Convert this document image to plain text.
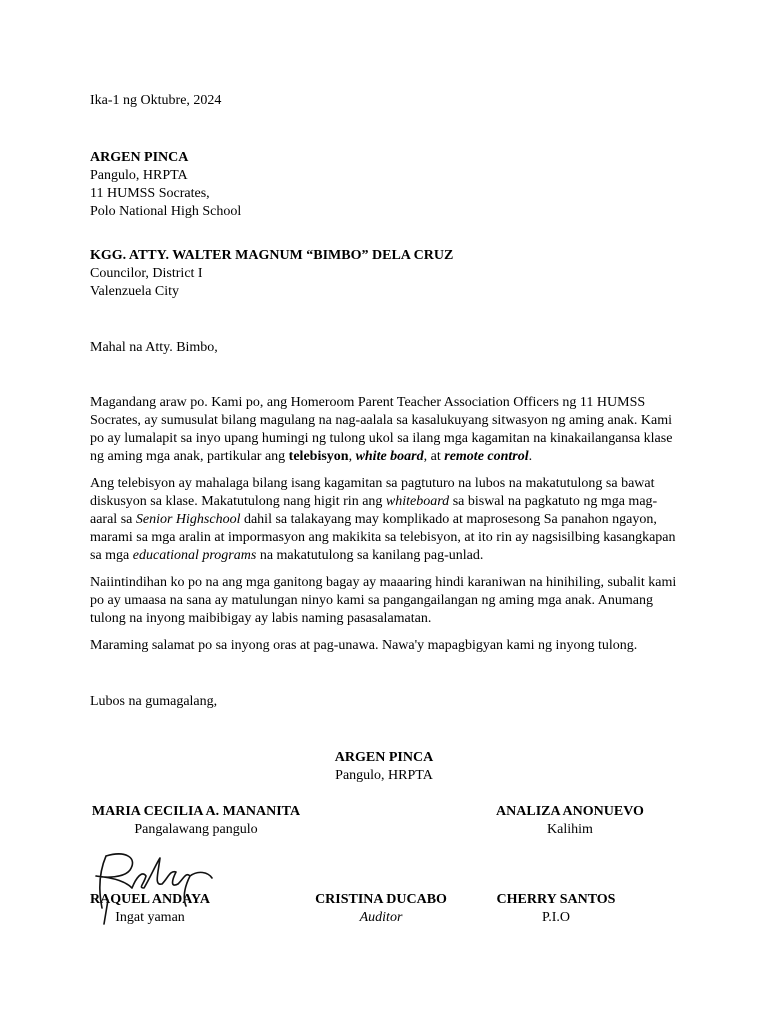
Ika-1 ng Oktubre, 2024
ARGEN PINCA
Pangulo, HRPTA
11 HUMSS Socrates,
Polo National High School
KGG. ATTY. WALTER MAGNUM “BIMBO” DELA CRUZ
Councilor, District I
Valenzuela City
Mahal na Atty. Bimbo,

Magandang araw po. Kami po, ang Homeroom Parent Teacher Association Officers ng 11 HUMSS Socrates, ay sumusulat bilang magulang na nag-aalala sa kasalukuyang sitwasyon ng aming anak. Kami po ay lumalapit sa inyo upang humingi ng tulong ukol sa ilang mga kagamitan na kinakailangansa klase ng aming mga anak, partikular ang telebisyon, white board, at remote control.

Ang telebisyon ay mahalaga bilang isang kagamitan sa pagtuturo na lubos na makatutulong sa bawat diskusyon sa klase. Makatutulong nang higit rin ang whiteboard sa biswal na pagkatuto ng mga mag-aaral sa Senior Highschool dahil sa talakayang may komplikado at maprosesong Sa panahon ngayon, marami sa mga aralin at impormasyon ang makikita sa telebisyon, at ito rin ay nagsisilbing kasangkapan sa mga educational programs na makatutulong sa kanilang pag-unlad.

Naiintindihan ko po na ang mga ganitong bagay ay maaaring hindi karaniwan na hinihiling, subalit kami po ay umaasa na sana ay matulungan ninyo kami sa pangangailangan ng aming mga anak. Anumang tulong na inyong maibibigay ay labis naming pasasalamatan.

Maraming salamat po sa inyong oras at pag-unawa. Nawa'y mapagbigyan kami ng inyong tulong.

Lubos na gumagalang,
ARGEN PINCA
Pangulo, HRPTA
MARIA CECILIA A. MANANITA
Pangalawang pangulo
ANALIZA ANONUEVO
Kalihim
RAQUEL ANDAYA
Ingat yaman
CRISTINA DUCABO
Auditor
CHERRY SANTOS
P.I.O
